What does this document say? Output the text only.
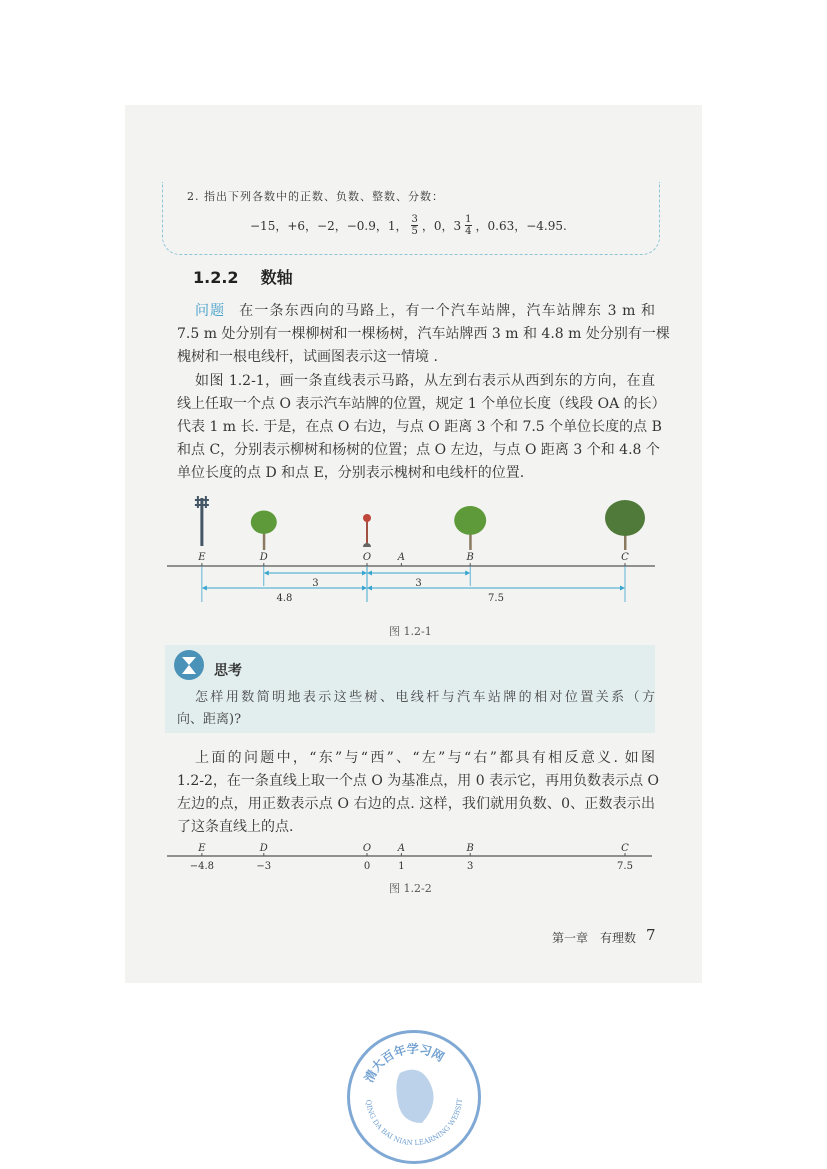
2. 指出下列各数中的正数、负数、整数、分数：
−15，+6，−2，−0.9，1， $\frac{3}{5}$ ，0，$3 \frac{1}{4}$ ，0.63，−4.95.
1.2.2 数轴
问题 在一条东西向的马路上，有一个汽车站牌，汽车站牌东 3 m 和
7.5 m 处分别有一棵柳树和一棵杨树，汽车站牌西 3 m 和 4.8 m 处分别有一棵
槐树和一根电线杆，试画图表示这一情境 .
如图 1.2-1，画一条直线表示马路，从左到右表示从西到东的方向，在直
线上任取一个点 O 表示汽车站牌的位置，规定 1 个单位长度（线段 OA 的长）
代表 1 m 长. 于是，在点 O 右边，与点 O 距离 3 个和 7.5 个单位长度的点 B
和点 C，分别表示柳树和杨树的位置；点 O 左边，与点 O 距离 3 个和 4.8 个
单位长度的点 D 和点 E，分别表示槐树和电线杆的位置.
E	D	O	A	B	C
3	3
4.8	7.5
图 1.2-1
思考
怎样用数简明地表示这些树、电线杆与汽车站牌的相对位置关系（方
向、距离)?
上面的问题中，“东”与“西”、“左”与“右”都具有相反意义. 如图
1.2-2，在一条直线上取一个点 O 为基准点，用 0 表示它，再用负数表示点 O
左边的点，用正数表示点 O 右边的点. 这样，我们就用负数、0、正数表示出
了这条直线上的点.
E
−4.8
D
−3
O
0
A
1
B
3
C
7.5
图 1.2-2
第一章　有理数 7
清大百年学习网
QING DA BAI NIAN LEARNING WEBSIT
